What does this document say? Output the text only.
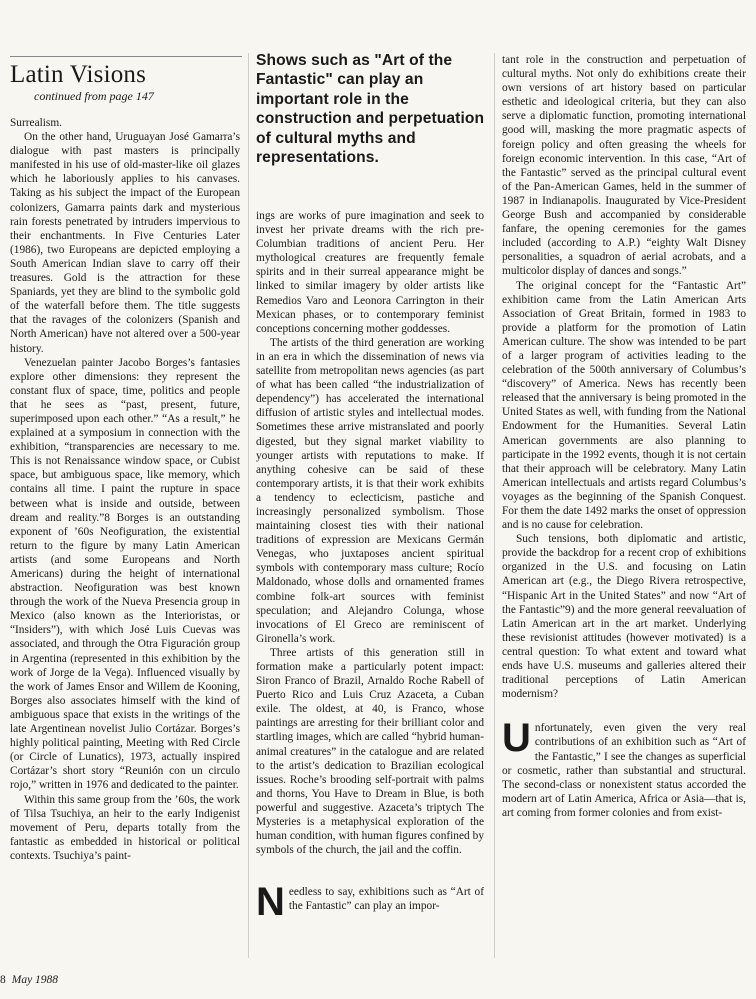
Latin Visions
continued from page 147
Shows such as "Art of the Fantastic" can play an important role in the construction and perpetuation of cultural myths and representations.

Surrealism.

On the other hand, Uruguayan José Gamarra’s dialogue with past masters is principally manifested in his use of old-master-like oil glazes which he laboriously applies to his canvases. Taking as his subject the impact of the European colonizers, Gamarra paints dark and mysterious rain forests penetrated by intruders impervious to their enchantments. In Five Centuries Later (1986), two Europeans are depicted employing a South American Indian slave to carry off their treasures. Gold is the attraction for these Spaniards, yet they are blind to the symbolic gold of the waterfall before them. The title suggests that the ravages of the colonizers (Spanish and North American) have not altered over a 500-year history.

Venezuelan painter Jacobo Borges’s fantasies explore other dimensions: they represent the constant flux of space, time, politics and people that he sees as “past, present, future, superimposed upon each other.” “As a result,” he explained at a symposium in connection with the exhibition, “transparencies are necessary to me. This is not Renaissance window space, or Cubist space, but ambiguous space, like memory, which contains all time. I paint the rupture in space between what is inside and outside, between dream and reality.”8 Borges is an outstanding exponent of ’60s Neofiguration, the existential return to the figure by many Latin American artists (and some Europeans and North Americans) during the height of international abstraction. Neofiguration was best known through the work of the Nueva Presencia group in Mexico (also known as the Interioristas, or “Insiders”), with which José Luis Cuevas was associated, and through the Otra Figuración group in Argentina (represented in this exhibition by the work of Jorge de la Vega). Influenced visually by the work of James Ensor and Willem de Kooning, Borges also associates himself with the kind of ambiguous space that exists in the writings of the late Argentinean novelist Julio Cortázar. Borges’s highly political painting, Meeting with Red Circle (or Circle of Lunatics), 1973, actually inspired Cortázar’s short story “Reunión con un circulo rojo,” written in 1976 and dedicated to the painter.

Within this same group from the ’60s, the work of Tilsa Tsuchiya, an heir to the early Indigenist movement of Peru, departs totally from the fantastic as embedded in historical or political contexts. Tsuchiya’s paint-

ings are works of pure imagination and seek to invest her private dreams with the rich pre-Columbian traditions of ancient Peru. Her mythological creatures are frequently female spirits and in their surreal appearance might be linked to similar imagery by older artists like Remedios Varo and Leonora Carrington in their Mexican phases, or to contemporary feminist conceptions concerning mother goddesses.

The artists of the third generation are working in an era in which the dissemination of news via satellite from metropolitan news agencies (as part of what has been called “the industrialization of dependency”) has accelerated the international diffusion of artistic styles and intellectual modes. Sometimes these arrive mistranslated and poorly digested, but they signal market viability to younger artists with reputations to make. If anything cohesive can be said of these contemporary artists, it is that their work exhibits a tendency to eclecticism, pastiche and increasingly personalized symbolism. Those maintaining closest ties with their national traditions of expression are Mexicans Germán Venegas, who juxtaposes ancient spiritual symbols with contemporary mass culture; Rocío Maldonado, whose dolls and ornamented frames combine folk-art sources with feminist speculation; and Alejandro Colunga, whose invocations of El Greco are reminiscent of Gironella’s work.

Three artists of this generation still in formation make a particularly potent impact: Siron Franco of Brazil, Arnaldo Roche Rabell of Puerto Rico and Luis Cruz Azaceta, a Cuban exile. The oldest, at 40, is Franco, whose paintings are arresting for their brilliant color and startling images, which are called “hybrid human-animal creatures” in the catalogue and are related to the artist’s dedication to Brazilian ecological issues. Roche’s brooding self-portrait with palms and thorns, You Have to Dream in Blue, is both powerful and suggestive. Azaceta’s triptych The Mysteries is a metaphysical exploration of the human condition, with human figures confined by symbols of the church, the jail and the coffin.

Needless to say, exhibitions such as “Art of the Fantastic” can play an impor-

tant role in the construction and perpetuation of cultural myths. Not only do exhibitions create their own versions of art history based on particular esthetic and ideological criteria, but they can also serve a diplomatic function, promoting international good will, masking the more pragmatic aspects of foreign policy and often greasing the wheels for foreign economic intervention. In this case, “Art of the Fantastic” served as the principal cultural event of the Pan-American Games, held in the summer of 1987 in Indianapolis. Inaugurated by Vice-President George Bush and accompanied by considerable fanfare, the opening ceremonies for the games included (according to A.P.) “eighty Walt Disney personalities, a squadron of aerial acrobats, and a multicolor display of dances and songs.”

The original concept for the “Fantastic Art” exhibition came from the Latin American Arts Association of Great Britain, formed in 1983 to provide a platform for the promotion of Latin American culture. The show was intended to be part of a larger program of activities leading to the celebration of the 500th anniversary of Columbus’s “discovery” of America. News has recently been released that the anniversary is being promoted in the United States as well, with funding from the National Endowment for the Humanities. Several Latin American governments are also planning to participate in the 1992 events, though it is not certain that their approach will be celebratory. Many Latin American intellectuals and artists regard Columbus’s voyages as the beginning of the Spanish Conquest. For them the date 1492 marks the onset of oppression and is no cause for celebration.

Such tensions, both diplomatic and artistic, provide the backdrop for a recent crop of exhibitions organized in the U.S. and focusing on Latin American art (e.g., the Diego Rivera retrospective, “Hispanic Art in the United States” and now “Art of the Fantastic”9) and the more general reevaluation of Latin American art in the art market. Underlying these revisionist attitudes (however motivated) is a central question: To what extent and toward what ends have U.S. museums and galleries altered their traditional perceptions of Latin American modernism?

Unfortunately, even given the very real contributions of an exhibition such as “Art of the Fantastic,” I see the changes as superficial or cosmetic, rather than substantial and structural. The second-class or nonexistent status accorded the modern art of Latin America, Africa or Asia—that is, art coming from former colonies and from exist-

8 May 1988
